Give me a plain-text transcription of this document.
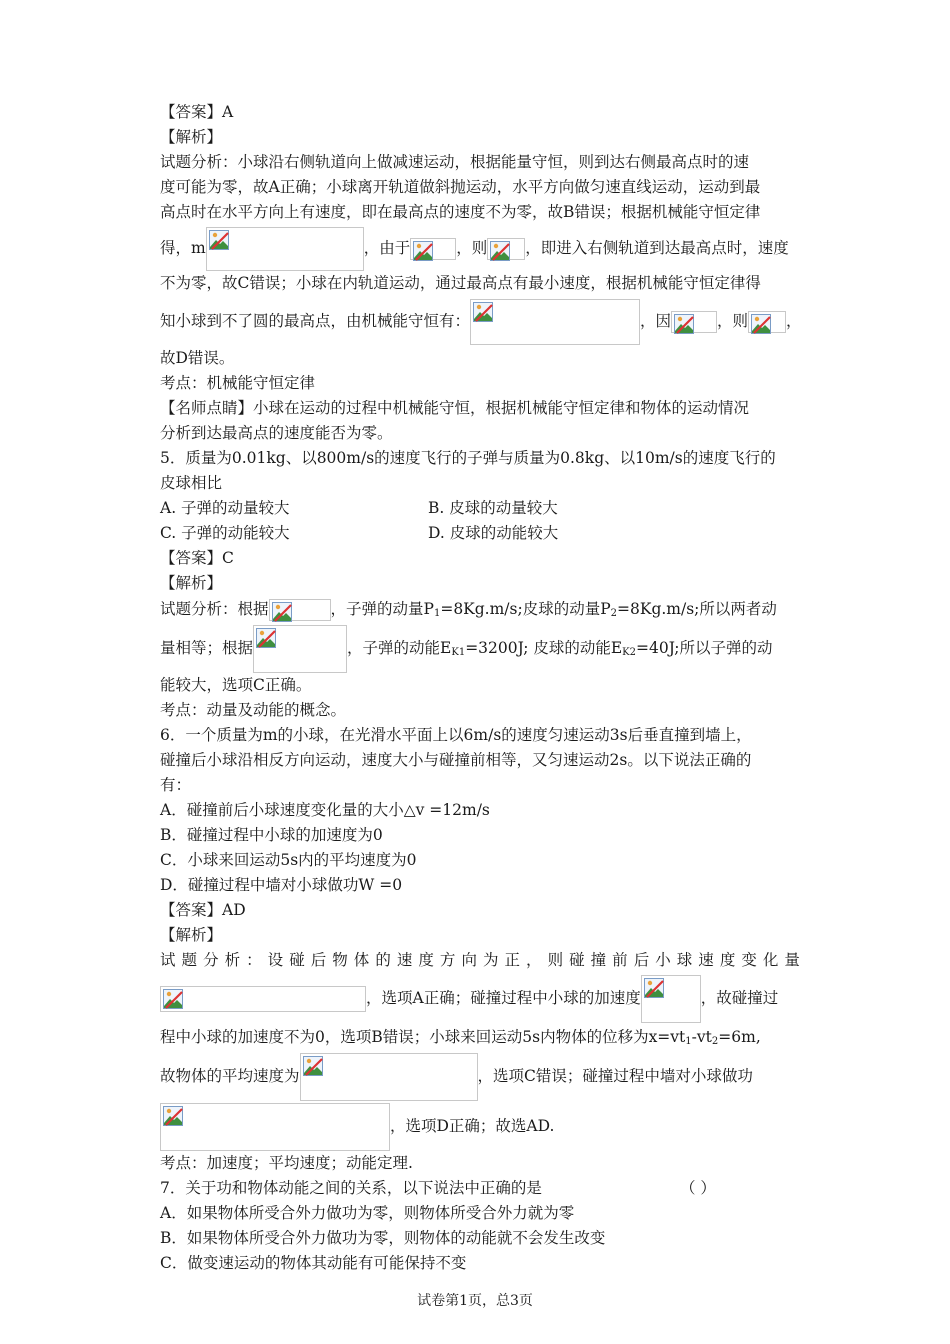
【答案】A
【解析】
试题分析：小球沿右侧轨道向上做减速运动，根据能量守恒，则到达右侧最高点时的速
度可能为零，故A正确；小球离开轨道做斜抛运动，水平方向做匀速直线运动，运动到最
高点时在水平方向上有速度，即在最高点的速度不为零，故B错误；根据机械能守恒定律
得，m	，由于	，则 ，即进入右侧轨道到达最高点时，速度
不为零，故C错误；小球在内轨道运动，通过最高点有最小速度，根据机械能守恒定律得
知小球到不了圆的最高点，由机械能守恒有：	，因	，则 ，
故D错误。
考点：机械能守恒定律
【名师点睛】小球在运动的过程中机械能守恒，根据机械能守恒定律和物体的运动情况
分析到达最高点的速度能否为零。
5．质量为0.01kg、以800m/s的速度飞行的子弹与质量为0.8kg、以10m/s的速度飞行的
皮球相比
A. 子弹的动量较大	B. 皮球的动量较大
C. 子弹的动能较大	D. 皮球的动能较大
【答案】C
【解析】
试题分析：根据	，子弹的动量$P_1=8Kg.m/s$;皮球的动量$P_2=8Kg.m/s$;所以两者动
量相等；根据	，子弹的动能$E_{K1}=3200J$; 皮球的动能$E_{K2}=40J$;所以子弹的动
能较大，选项C正确。
考点：动量及动能的概念。
6．一个质量为m的小球，在光滑水平面上以6m/s的速度匀速运动3s后垂直撞到墙上，
碰撞后小球沿相反方向运动，速度大小与碰撞前相等，又匀速运动2s。以下说法正确的
有：
A．碰撞前后小球速度变化量的大小△v =12m/s
B．碰撞过程中小球的加速度为0
C．小球来回运动5s内的平均速度为0
D．碰撞过程中墙对小球做功W =0
【答案】AD
【解析】
试 题 分 析 ： 设 碰 后 物 体 的 速 度 方 向 为 正 ， 则 碰 撞 前 后 小 球 速 度 变 化 量
，选项A正确；碰撞过程中小球的加速度	，故碰撞过
程中小球的加速度不为0，选项B错误；小球来回运动5s内物体的位移为$x=vt_1-vt_2=6m$,
故物体的平均速度为	，选项C错误；碰撞过程中墙对小球做功
，选项D正确；故选AD.
考点：加速度；平均速度；动能定理.
7．关于功和物体动能之间的关系，以下说法中正确的是	（ ）
A．如果物体所受合外力做功为零，则物体所受合外力就为零
B．如果物体所受合外力做功为零，则物体的动能就不会发生改变
C．做变速运动的物体其动能有可能保持不变
试卷第1页，总3页
